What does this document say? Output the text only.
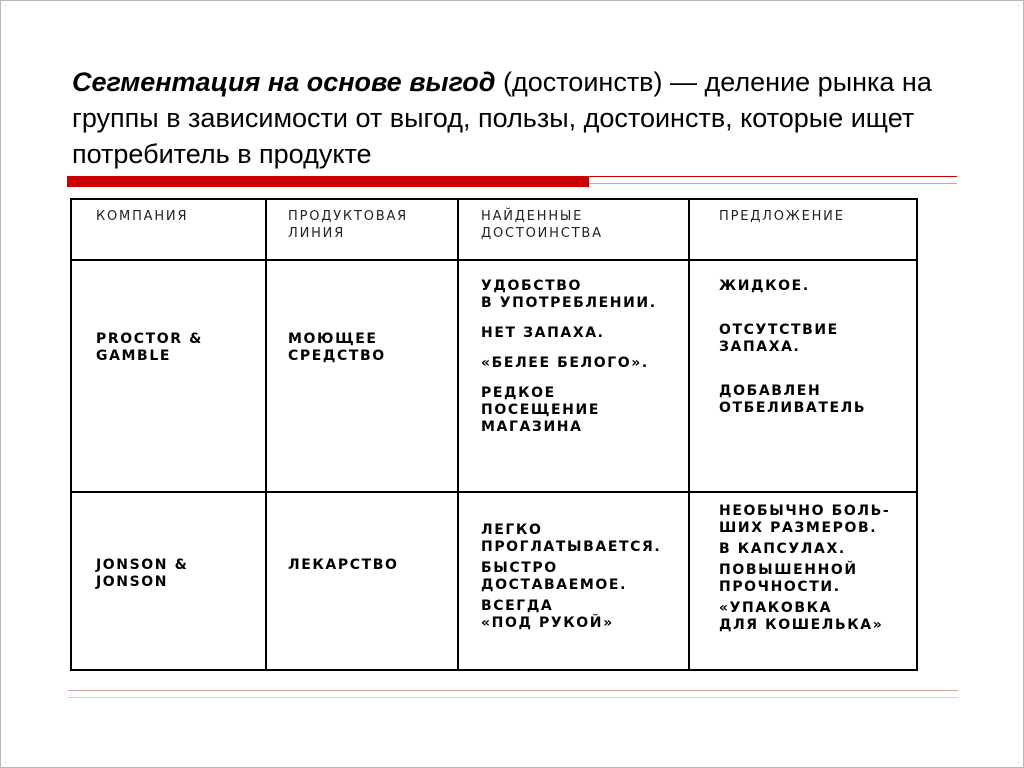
Сегментация на основе выгод (достоинств) — деление рынка на группы в зависимости от выгод, пользы, достоинств, которые ищет потребитель в продукте
КОМПАНИЯ	ПРОДУКТОВАЯ
ЛИНИЯ
НАЙДЕННЫЕ
ДОСТОИНСТВА
ПРЕДЛОЖЕНИЕ
PROCTOR &
GAMBLE
МОЮЩЕЕ
СРЕДСТВО
УДОБСТВО
В УПОТРЕБЛЕНИИ.
НЕТ ЗАПАХА.
«БЕЛЕЕ БЕЛОГО».
РЕДКОЕ
ПОСЕЩЕНИЕ
МАГАЗИНА
ЖИДКОЕ.
ОТСУТСТВИЕ
ЗАПАХА.
ДОБАВЛЕН
ОТБЕЛИВАТЕЛЬ
JONSON &
JONSON
ЛЕКАРСТВО
ЛЕГКО
ПРОГЛАТЫВАЕТСЯ.
БЫСТРО
ДОСТАВАЕМОЕ.
ВСЕГДА
«ПОД РУКОЙ»
НЕОБЫЧНО БОЛЬ-
ШИХ РАЗМЕРОВ.
В КАПСУЛАХ.
ПОВЫШЕННОЙ
ПРОЧНОСТИ.
«УПАКОВКА
ДЛЯ КОШЕЛЬКА»
